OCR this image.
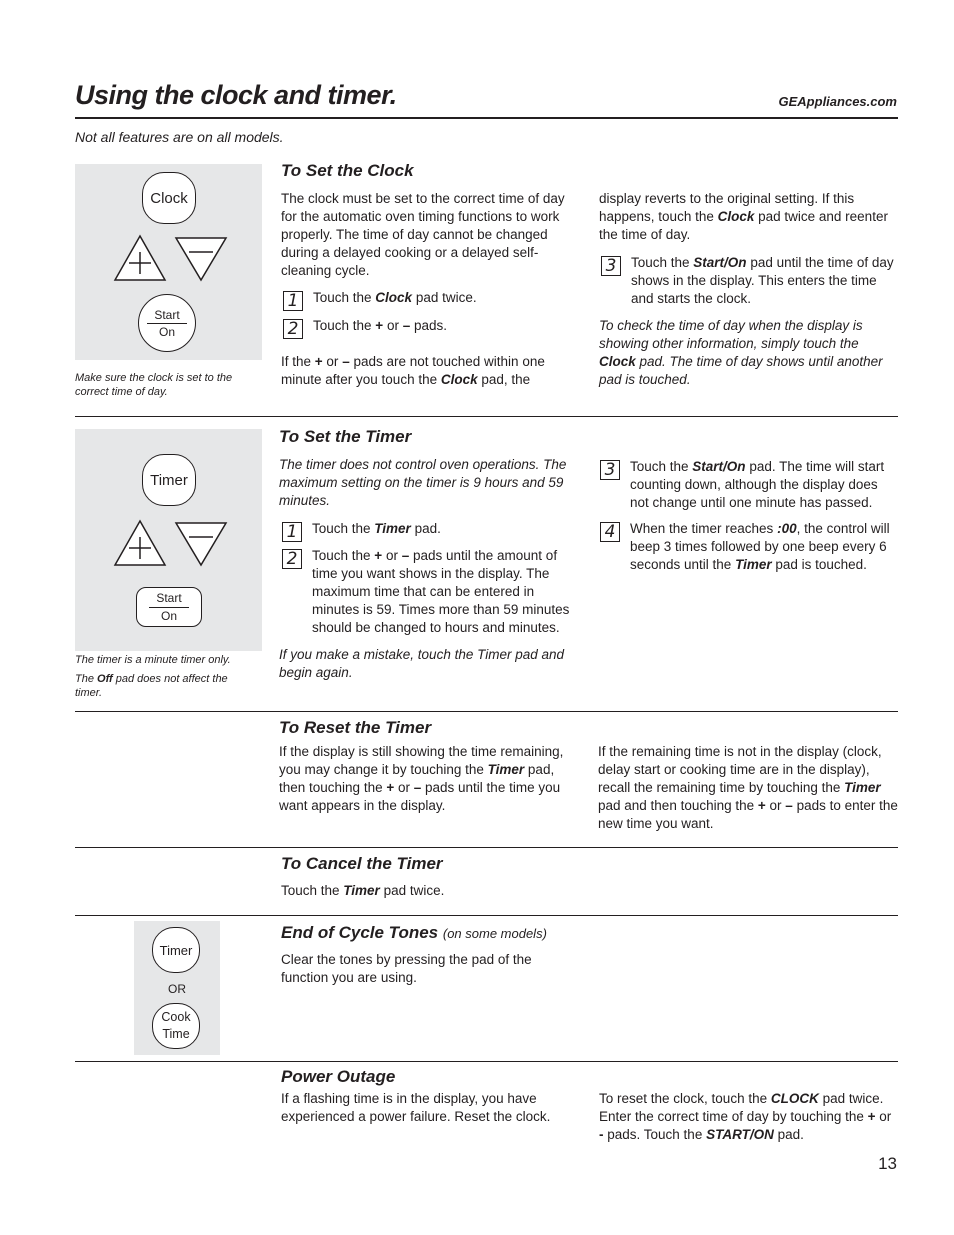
Using the clock and timer.	GEAppliances.com
Not all features are on all models.
Clock
Start
On
Make sure the clock is set to the correct time of day.
To Set the Clock
The clock must be set to the correct time of day for the automatic oven timing functions to work properly. The time of day cannot be changed during a delayed cooking or a delayed self-cleaning cycle.
1	Touch the Clock pad twice.
2	Touch the + or – pads.
If the + or – pads are not touched within one minute after you touch the Clock pad, the
display reverts to the original setting. If this happens, touch the Clock pad twice and reenter the time of day.
3	Touch the Start/On pad until the time of day shows in the display. This enters the time and starts the clock.
To check the time of day when the display is showing other information, simply touch the Clock pad. The time of day shows until another pad is touched.
Timer
Start
On
The timer is a minute timer only.
The Off pad does not affect the timer.
To Set the Timer
The timer does not control oven operations. The maximum setting on the timer is 9 hours and 59 minutes.
1	Touch the Timer pad.
2	Touch the + or – pads until the amount of time you want shows in the display. The maximum time that can be entered in minutes is 59. Times more than 59 minutes should be changed to hours and minutes.
If you make a mistake, touch the Timer pad and begin again.
3	Touch the Start/On pad. The time will start counting down, although the display does not change until one minute has passed.
4	When the timer reaches :00, the control will beep 3 times followed by one beep every 6 seconds until the Timer pad is touched.
To Reset the Timer
If the display is still showing the time remaining, you may change it by touching the Timer pad, then touching the + or – pads until the time you want appears in the display.
If the remaining time is not in the display (clock, delay start or cooking time are in the display), recall the remaining time by touching the Timer pad and then touching the + or – pads to enter the new time you want.
To Cancel the Timer
Touch the Timer pad twice.
Timer
OR
Cook
Time
End of Cycle Tones (on some models)
Clear the tones by pressing the pad of the function you are using.
Power Outage
If a flashing time is in the display, you have experienced a power failure. Reset the clock.
To reset the clock, touch the CLOCK pad twice. Enter the correct time of day by touching the + or - pads. Touch the START/ON pad.
13
